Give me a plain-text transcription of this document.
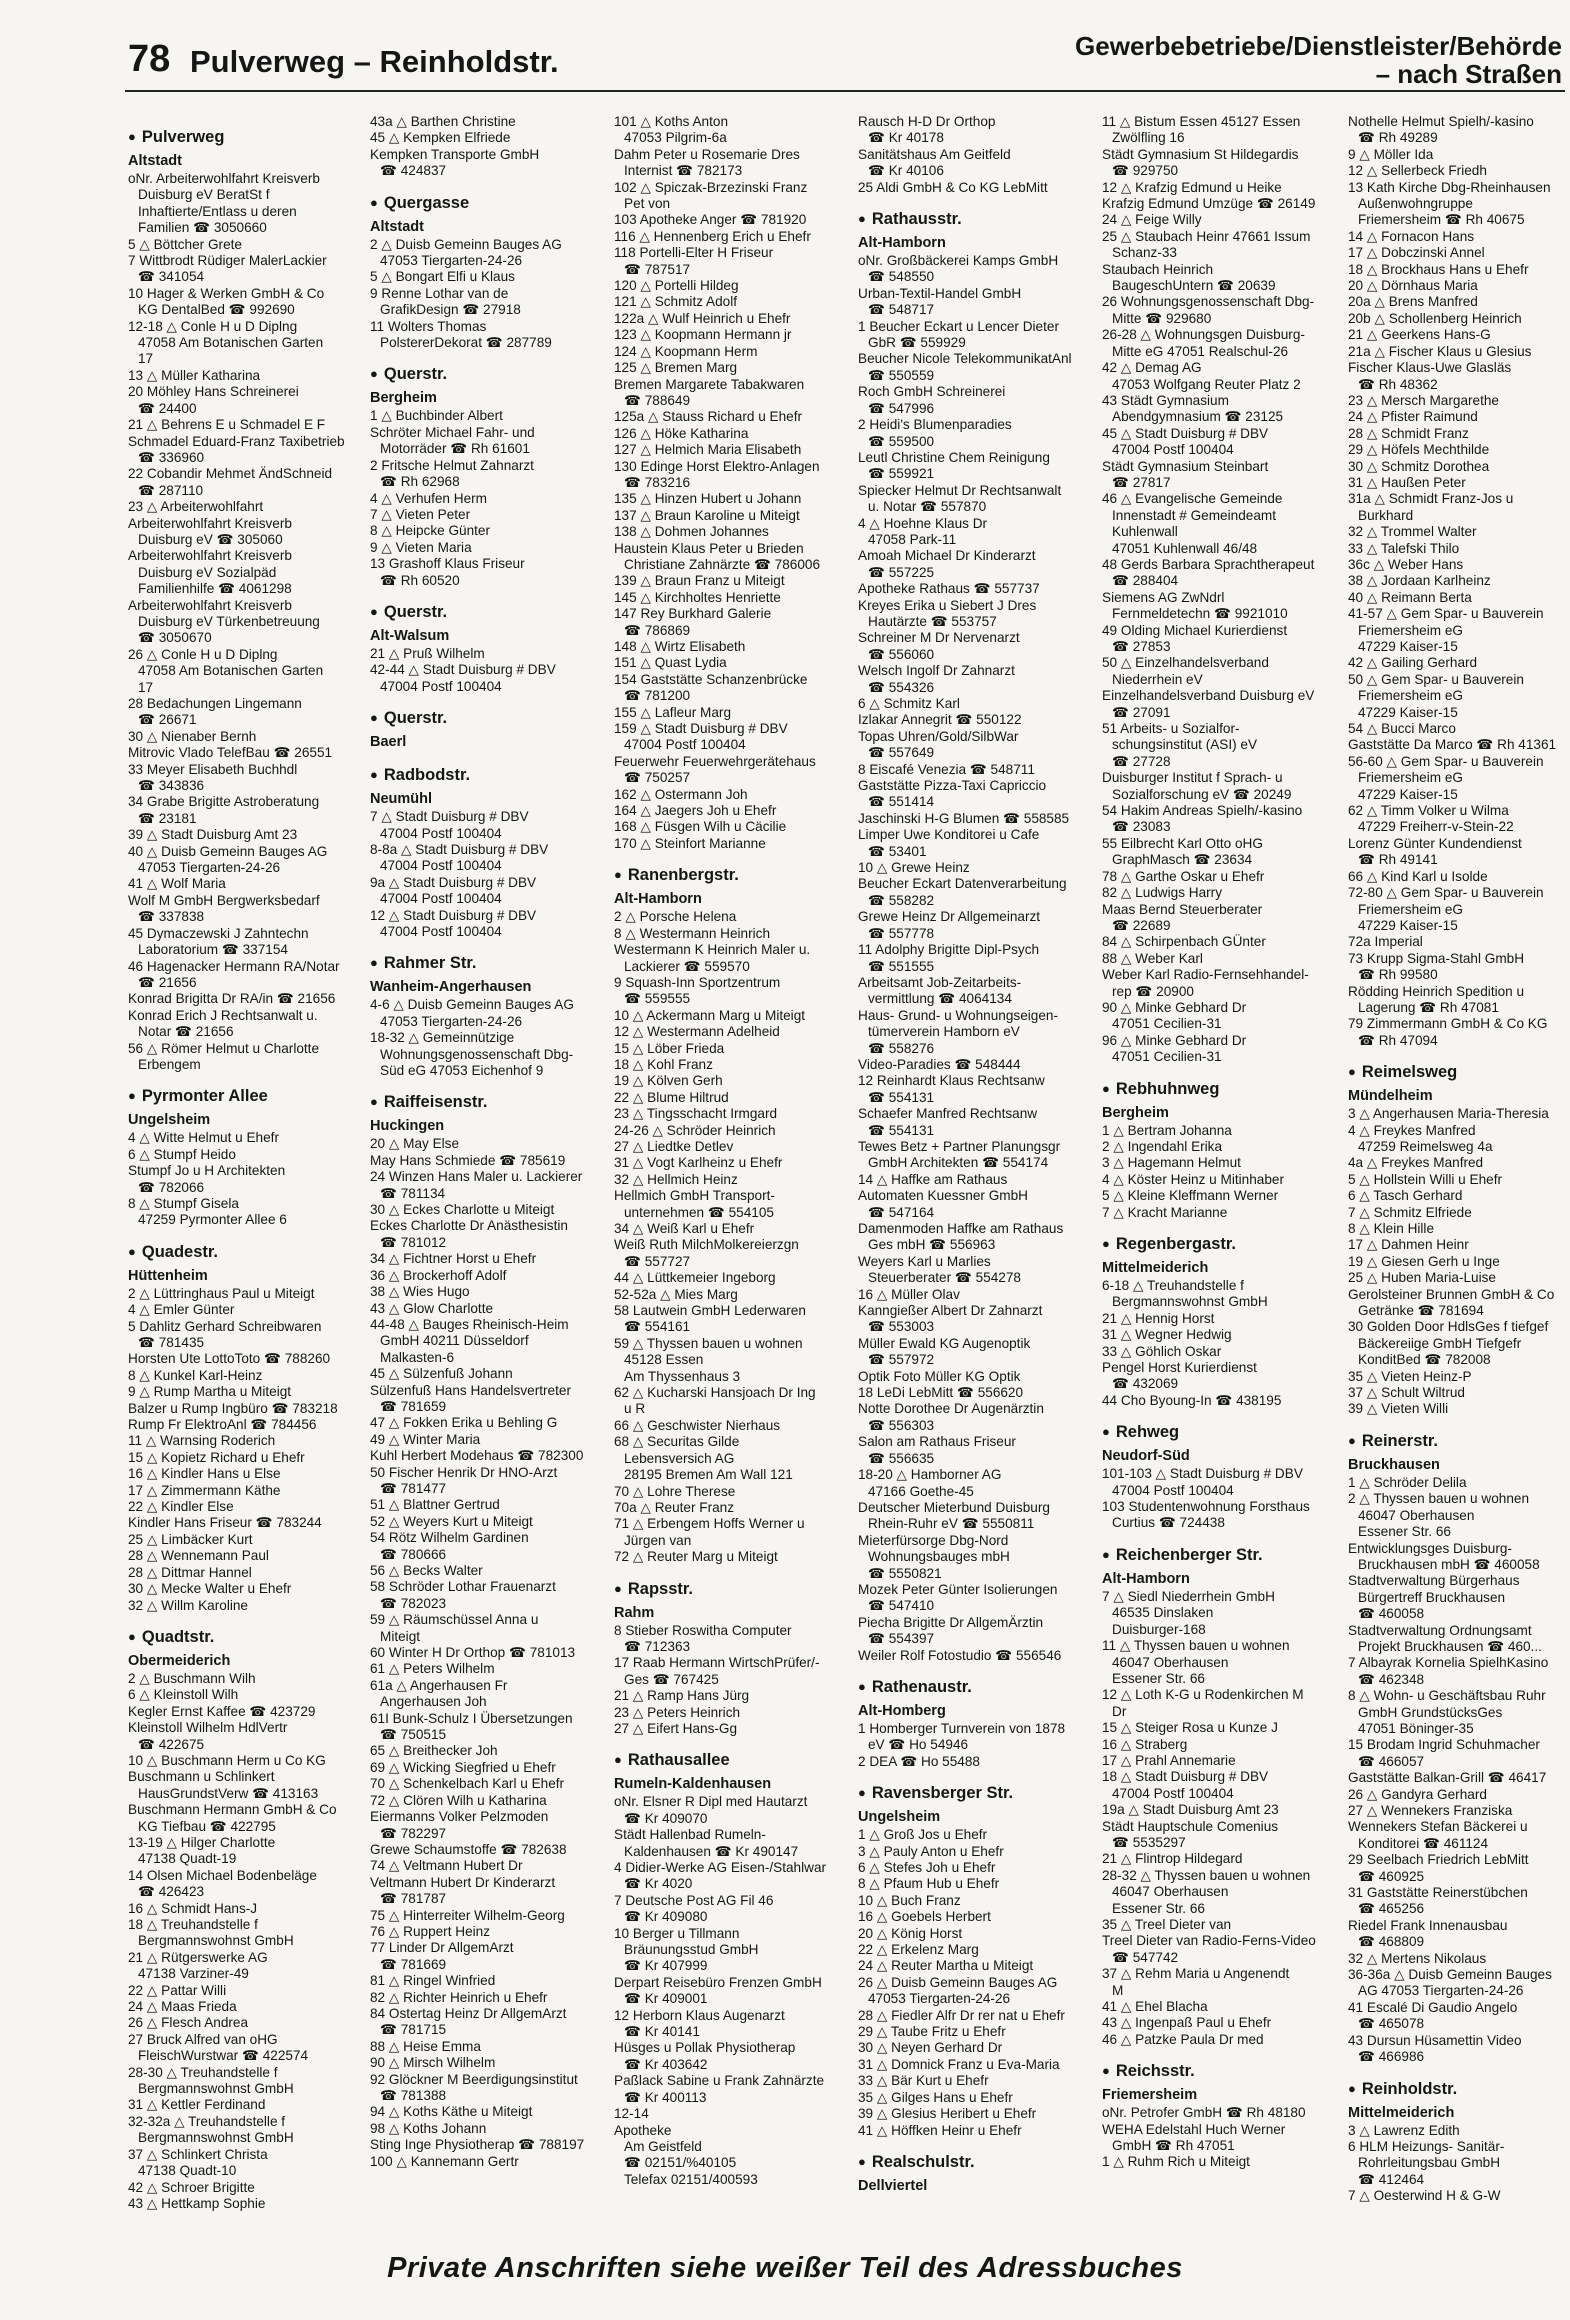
78 Pulverweg – Reinholdstr.	Gewerbebetriebe/Dienstleister/Behörde
– nach Straßen

● Pulverweg

Altstadt

oNr. Arbeiterwohlfahrt Kreisverb

Duisburg eV BeratSt f

Inhaftierte/Entlass u deren

Familien ☎ 3050660

5 △ Böttcher Grete

7 Wittbrodt Rüdiger MalerLackier

☎ 341054

10 Hager & Werken GmbH & Co

KG DentalBed ☎ 992690

12-18 △ Conle H u D Diplng

47058 Am Botanischen Garten

17

13 △ Müller Katharina

20 Möhley Hans Schreinerei

☎ 24400

21 △ Behrens E u Schmadel E F

Schmadel Eduard-Franz Taxibetrieb

☎ 336960

22 Cobandir Mehmet ÄndSchneid

☎ 287110

23 △ Arbeiterwohlfahrt

Arbeiterwohlfahrt Kreisverb

Duisburg eV ☎ 305060

Arbeiterwohlfahrt Kreisverb

Duisburg eV Sozialpäd

Familienhilfe ☎ 4061298

Arbeiterwohlfahrt Kreisverb

Duisburg eV Türkenbetreuung

☎ 3050670

26 △ Conle H u D Diplng

47058 Am Botanischen Garten

17

28 Bedachungen Lingemann

☎ 26671

30 △ Nienaber Bernh

Mitrovic Vlado TelefBau ☎ 26551

33 Meyer Elisabeth Buchhdl

☎ 343836

34 Grabe Brigitte Astroberatung

☎ 23181

39 △ Stadt Duisburg Amt 23

40 △ Duisb Gemeinn Bauges AG

47053 Tiergarten-24-26

41 △ Wolf Maria

Wolf M GmbH Bergwerksbedarf

☎ 337838

45 Dymaczewski J Zahntechn

Laboratorium ☎ 337154

46 Hagenacker Hermann RA/Notar

☎ 21656

Konrad Brigitta Dr RA/in ☎ 21656

Konrad Erich J Rechtsanwalt u.

Notar ☎ 21656

56 △ Römer Helmut u Charlotte

Erbengem

● Pyrmonter Allee

Ungelsheim

4 △ Witte Helmut u Ehefr

6 △ Stumpf Heido

Stumpf Jo u H Architekten

☎ 782066

8 △ Stumpf Gisela

47259 Pyrmonter Allee 6

● Quadestr.

Hüttenheim

2 △ Lüttringhaus Paul u Miteigt

4 △ Emler Günter

5 Dahlitz Gerhard Schreibwaren

☎ 781435

Horsten Ute LottoToto ☎ 788260

8 △ Kunkel Karl-Heinz

9 △ Rump Martha u Miteigt

Balzer u Rump Ingbüro ☎ 783218

Rump Fr ElektroAnl ☎ 784456

11 △ Warnsing Roderich

15 △ Kopietz Richard u Ehefr

16 △ Kindler Hans u Else

17 △ Zimmermann Käthe

22 △ Kindler Else

Kindler Hans Friseur ☎ 783244

25 △ Limbäcker Kurt

28 △ Wennemann Paul

28 △ Dittmar Hannel

30 △ Mecke Walter u Ehefr

32 △ Willm Karoline

● Quadtstr.

Obermeiderich

2 △ Buschmann Wilh

6 △ Kleinstoll Wilh

Kegler Ernst Kaffee ☎ 423729

Kleinstoll Wilhelm HdlVertr

☎ 422675

10 △ Buschmann Herm u Co KG

Buschmann u Schlinkert

HausGrundstVerw ☎ 413163

Buschmann Hermann GmbH & Co

KG Tiefbau ☎ 422795

13-19 △ Hilger Charlotte

47138 Quadt-19

14 Olsen Michael Bodenbeläge

☎ 426423

16 △ Schmidt Hans-J

18 △ Treuhandstelle f

Bergmannswohnst GmbH

21 △ Rütgerswerke AG

47138 Varziner-49

22 △ Pattar Willi

24 △ Maas Frieda

26 △ Flesch Andrea

27 Bruck Alfred van oHG

FleischWurstwar ☎ 422574

28-30 △ Treuhandstelle f

Bergmannswohnst GmbH

31 △ Kettler Ferdinand

32-32a △ Treuhandstelle f

Bergmannswohnst GmbH

37 △ Schlinkert Christa

47138 Quadt-10

42 △ Schroer Brigitte

43 △ Hettkamp Sophie

43a △ Barthen Christine

45 △ Kempken Elfriede

Kempken Transporte GmbH

☎ 424837

● Quergasse

Altstadt

2 △ Duisb Gemeinn Bauges AG

47053 Tiergarten-24-26

5 △ Bongart Elfi u Klaus

9 Renne Lothar van de

GrafikDesign ☎ 27918

11 Wolters Thomas

PolstererDekorat ☎ 287789

● Querstr.

Bergheim

1 △ Buchbinder Albert

Schröter Michael Fahr- und

Motorräder ☎ Rh 61601

2 Fritsche Helmut Zahnarzt

☎ Rh 62968

4 △ Verhufen Herm

7 △ Vieten Peter

8 △ Heipcke Günter

9 △ Vieten Maria

13 Grashoff Klaus Friseur

☎ Rh 60520

● Querstr.

Alt-Walsum

21 △ Pruß Wilhelm

42-44 △ Stadt Duisburg # DBV

47004 Postf 100404

● Querstr.

Baerl

● Radbodstr.

Neumühl

7 △ Stadt Duisburg # DBV

47004 Postf 100404

8-8a △ Stadt Duisburg # DBV

47004 Postf 100404

9a △ Stadt Duisburg # DBV

47004 Postf 100404

12 △ Stadt Duisburg # DBV

47004 Postf 100404

● Rahmer Str.

Wanheim-Angerhausen

4-6 △ Duisb Gemeinn Bauges AG

47053 Tiergarten-24-26

18-32 △ Gemeinnützige

Wohnungsgenossenschaft Dbg-

Süd eG 47053 Eichenhof 9

● Raiffeisenstr.

Huckingen

20 △ May Else

May Hans Schmiede ☎ 785619

24 Winzen Hans Maler u. Lackierer

☎ 781134

30 △ Eckes Charlotte u Miteigt

Eckes Charlotte Dr Anästhesistin

☎ 781012

34 △ Fichtner Horst u Ehefr

36 △ Brockerhoff Adolf

38 △ Wies Hugo

43 △ Glow Charlotte

44-48 △ Bauges Rheinisch-Heim

GmbH 40211 Düsseldorf

Malkasten-6

45 △ Sülzenfuß Johann

Sülzenfuß Hans Handelsvertreter

☎ 781659

47 △ Fokken Erika u Behling G

49 △ Winter Maria

Kuhl Herbert Modehaus ☎ 782300

50 Fischer Henrik Dr HNO-Arzt

☎ 781477

51 △ Blattner Gertrud

52 △ Weyers Kurt u Miteigt

54 Rötz Wilhelm Gardinen

☎ 780666

56 △ Becks Walter

58 Schröder Lothar Frauenarzt

☎ 782023

59 △ Räumschüssel Anna u

Miteigt

60 Winter H Dr Orthop ☎ 781013

61 △ Peters Wilhelm

61a △ Angerhausen Fr

Angerhausen Joh

61I Bunk-Schulz I Übersetzungen

☎ 750515

65 △ Breithecker Joh

69 △ Wicking Siegfried u Ehefr

70 △ Schenkelbach Karl u Ehefr

72 △ Clören Wilh u Katharina

Eiermanns Volker Pelzmoden

☎ 782297

Grewe Schaumstoffe ☎ 782638

74 △ Veltmann Hubert Dr

Veltmann Hubert Dr Kinderarzt

☎ 781787

75 △ Hinterreiter Wilhelm-Georg

76 △ Ruppert Heinz

77 Linder Dr AllgemArzt

☎ 781669

81 △ Ringel Winfried

82 △ Richter Heinrich u Ehefr

84 Ostertag Heinz Dr AllgemArzt

☎ 781715

88 △ Heise Emma

90 △ Mirsch Wilhelm

92 Glöckner M Beerdigungsinstitut

☎ 781388

94 △ Koths Käthe u Miteigt

98 △ Koths Johann

Sting Inge Physiotherap ☎ 788197

100 △ Kannemann Gertr

101 △ Koths Anton

47053 Pilgrim-6a

Dahm Peter u Rosemarie Dres

Internist ☎ 782173

102 △ Spiczak-Brzezinski Franz

Pet von

103 Apotheke Anger ☎ 781920

116 △ Hennenberg Erich u Ehefr

118 Portelli-Elter H Friseur

☎ 787517

120 △ Portelli Hildeg

121 △ Schmitz Adolf

122a △ Wulf Heinrich u Ehefr

123 △ Koopmann Hermann jr

124 △ Koopmann Herm

125 △ Bremen Marg

Bremen Margarete Tabakwaren

☎ 788649

125a △ Stauss Richard u Ehefr

126 △ Höke Katharina

127 △ Helmich Maria Elisabeth

130 Edinge Horst Elektro-Anlagen

☎ 783216

135 △ Hinzen Hubert u Johann

137 △ Braun Karoline u Miteigt

138 △ Dohmen Johannes

Haustein Klaus Peter u Brieden

Christiane Zahnärzte ☎ 786006

139 △ Braun Franz u Miteigt

145 △ Kirchholtes Henriette

147 Rey Burkhard Galerie

☎ 786869

148 △ Wirtz Elisabeth

151 △ Quast Lydia

154 Gaststätte Schanzenbrücke

☎ 781200

155 △ Lafleur Marg

159 △ Stadt Duisburg # DBV

47004 Postf 100404

Feuerwehr Feuerwehrgerätehaus

☎ 750257

162 △ Ostermann Joh

164 △ Jaegers Joh u Ehefr

168 △ Füsgen Wilh u Cäcilie

170 △ Steinfort Marianne

● Ranenbergstr.

Alt-Hamborn

2 △ Porsche Helena

8 △ Westermann Heinrich

Westermann K Heinrich Maler u.

Lackierer ☎ 559570

9 Squash-Inn Sportzentrum

☎ 559555

10 △ Ackermann Marg u Miteigt

12 △ Westermann Adelheid

15 △ Löber Frieda

18 △ Kohl Franz

19 △ Kölven Gerh

22 △ Blume Hiltrud

23 △ Tingsschacht Irmgard

24-26 △ Schröder Heinrich

27 △ Liedtke Detlev

31 △ Vogt Karlheinz u Ehefr

32 △ Hellmich Heinz

Hellmich GmbH Transport-

unternehmen ☎ 554105

34 △ Weiß Karl u Ehefr

Weiß Ruth MilchMolkereierzgn

☎ 557727

44 △ Lüttkemeier Ingeborg

52-52a △ Mies Marg

58 Lautwein GmbH Lederwaren

☎ 554161

59 △ Thyssen bauen u wohnen

45128 Essen

Am Thyssenhaus 3

62 △ Kucharski Hansjoach Dr Ing

u R

66 △ Geschwister Nierhaus

68 △ Securitas Gilde

Lebensversich AG

28195 Bremen Am Wall 121

70 △ Lohre Therese

70a △ Reuter Franz

71 △ Erbengem Hoffs Werner u

Jürgen van

72 △ Reuter Marg u Miteigt

● Rapsstr.

Rahm

8 Stieber Roswitha Computer

☎ 712363

17 Raab Hermann WirtschPrüfer/-

Ges ☎ 767425

21 △ Ramp Hans Jürg

23 △ Peters Heinrich

27 △ Eifert Hans-Gg

● Rathausallee

Rumeln-Kaldenhausen

oNr. Elsner R Dipl med Hautarzt

☎ Kr 409070

Städt Hallenbad Rumeln-

Kaldenhausen ☎ Kr 490147

4 Didier-Werke AG Eisen-/Stahlwar

☎ Kr 4020

7 Deutsche Post AG Fil 46

☎ Kr 409080

10 Berger u Tillmann

Bräunungsstud GmbH

☎ Kr 407999

Derpart Reisebüro Frenzen GmbH

☎ Kr 409001

12 Herborn Klaus Augenarzt

☎ Kr 40141

Hüsges u Pollak Physiotherap

☎ Kr 403642

Paßlack Sabine u Frank Zahnärzte

☎ Kr 400113

12-14

Apotheke

Am Geistfeld

☎ 02151/%40105

Telefax 02151/400593

Rausch H-D Dr Orthop

☎ Kr 40178

Sanitätshaus Am Geitfeld

☎ Kr 40106

25 Aldi GmbH & Co KG LebMitt

● Rathausstr.

Alt-Hamborn

oNr. Großbäckerei Kamps GmbH

☎ 548550

Urban-Textil-Handel GmbH

☎ 548717

1 Beucher Eckart u Lencer Dieter

GbR ☎ 559929

Beucher Nicole TelekommunikatAnl

☎ 550559

Roch GmbH Schreinerei

☎ 547996

2 Heidi's Blumenparadies

☎ 559500

Leutl Christine Chem Reinigung

☎ 559921

Spiecker Helmut Dr Rechtsanwalt

u. Notar ☎ 557870

4 △ Hoehne Klaus Dr

47058 Park-11

Amoah Michael Dr Kinderarzt

☎ 557225

Apotheke Rathaus ☎ 557737

Kreyes Erika u Siebert J Dres

Hautärzte ☎ 553757

Schreiner M Dr Nervenarzt

☎ 556060

Welsch Ingolf Dr Zahnarzt

☎ 554326

6 △ Schmitz Karl

Izlakar Annegrit ☎ 550122

Topas Uhren/Gold/SilbWar

☎ 557649

8 Eiscafé Venezia ☎ 548711

Gaststätte Pizza-Taxi Capriccio

☎ 551414

Jaschinski H-G Blumen ☎ 558585

Limper Uwe Konditorei u Cafe

☎ 53401

10 △ Grewe Heinz

Beucher Eckart Datenverarbeitung

☎ 558282

Grewe Heinz Dr Allgemeinarzt

☎ 557778

11 Adolphy Brigitte Dipl-Psych

☎ 551555

Arbeitsamt Job-Zeitarbeits-

vermittlung ☎ 4064134

Haus- Grund- u Wohnungseigen-

tümerverein Hamborn eV

☎ 558276

Video-Paradies ☎ 548444

12 Reinhardt Klaus Rechtsanw

☎ 554131

Schaefer Manfred Rechtsanw

☎ 554131

Tewes Betz + Partner Planungsgr

GmbH Architekten ☎ 554174

14 △ Haffke am Rathaus

Automaten Kuessner GmbH

☎ 547164

Damenmoden Haffke am Rathaus

Ges mbH ☎ 556963

Weyers Karl u Marlies

Steuerberater ☎ 554278

16 △ Müller Olav

Kanngießer Albert Dr Zahnarzt

☎ 553003

Müller Ewald KG Augenoptik

☎ 557972

Optik Foto Müller KG Optik

18 LeDi LebMitt ☎ 556620

Notte Dorothee Dr Augenärztin

☎ 556303

Salon am Rathaus Friseur

☎ 556635

18-20 △ Hamborner AG

47166 Goethe-45

Deutscher Mieterbund Duisburg

Rhein-Ruhr eV ☎ 5550811

Mieterfürsorge Dbg-Nord

Wohnungsbauges mbH

☎ 5550821

Mozek Peter Günter Isolierungen

☎ 547410

Piecha Brigitte Dr AllgemÄrztin

☎ 554397

Weiler Rolf Fotostudio ☎ 556546

● Rathenaustr.

Alt-Homberg

1 Homberger Turnverein von 1878

eV ☎ Ho 54946

2 DEA ☎ Ho 55488

● Ravensberger Str.

Ungelsheim

1 △ Groß Jos u Ehefr

3 △ Pauly Anton u Ehefr

6 △ Stefes Joh u Ehefr

8 △ Pfaum Hub u Ehefr

10 △ Buch Franz

16 △ Goebels Herbert

20 △ König Horst

22 △ Erkelenz Marg

24 △ Reuter Martha u Miteigt

26 △ Duisb Gemeinn Bauges AG

47053 Tiergarten-24-26

28 △ Fiedler Alfr Dr rer nat u Ehefr

29 △ Taube Fritz u Ehefr

30 △ Neyen Gerhard Dr

31 △ Domnick Franz u Eva-Maria

33 △ Bär Kurt u Ehefr

35 △ Gilges Hans u Ehefr

39 △ Glesius Heribert u Ehefr

41 △ Höffken Heinr u Ehefr

● Realschulstr.

Dellviertel

11 △ Bistum Essen 45127 Essen

Zwölfling 16

Städt Gymnasium St Hildegardis

☎ 929750

12 △ Krafzig Edmund u Heike

Krafzig Edmund Umzüge ☎ 26149

24 △ Feige Willy

25 △ Staubach Heinr 47661 Issum

Schanz-33

Staubach Heinrich

BaugeschUntern ☎ 20639

26 Wohnungsgenossenschaft Dbg-

Mitte ☎ 929680

26-28 △ Wohnungsgen Duisburg-

Mitte eG 47051 Realschul-26

42 △ Demag AG

47053 Wolfgang Reuter Platz 2

43 Städt Gymnasium

Abendgymnasium ☎ 23125

45 △ Stadt Duisburg # DBV

47004 Postf 100404

Städt Gymnasium Steinbart

☎ 27817

46 △ Evangelische Gemeinde

Innenstadt # Gemeindeamt

Kuhlenwall

47051 Kuhlenwall 46/48

48 Gerds Barbara Sprachtherapeut

☎ 288404

Siemens AG ZwNdrl

Fernmeldetechn ☎ 9921010

49 Olding Michael Kurierdienst

☎ 27853

50 △ Einzelhandelsverband

Niederrhein eV

Einzelhandelsverband Duisburg eV

☎ 27091

51 Arbeits- u Sozialfor-

schungsinstitut (ASI) eV

☎ 27728

Duisburger Institut f Sprach- u

Sozialforschung eV ☎ 20249

54 Hakim Andreas Spielh/-kasino

☎ 23083

55 Eilbrecht Karl Otto oHG

GraphMasch ☎ 23634

78 △ Garthe Oskar u Ehefr

82 △ Ludwigs Harry

Maas Bernd Steuerberater

☎ 22689

84 △ Schirpenbach GÜnter

88 △ Weber Karl

Weber Karl Radio-Fernsehhandel-

rep ☎ 20900

90 △ Minke Gebhard Dr

47051 Cecilien-31

96 △ Minke Gebhard Dr

47051 Cecilien-31

● Rebhuhnweg

Bergheim

1 △ Bertram Johanna

2 △ Ingendahl Erika

3 △ Hagemann Helmut

4 △ Köster Heinz u Mitinhaber

5 △ Kleine Kleffmann Werner

7 △ Kracht Marianne

● Regenbergastr.

Mittelmeiderich

6-18 △ Treuhandstelle f

Bergmannswohnst GmbH

21 △ Hennig Horst

31 △ Wegner Hedwig

33 △ Göhlich Oskar

Pengel Horst Kurierdienst

☎ 432069

44 Cho Byoung-In ☎ 438195

● Rehweg

Neudorf-Süd

101-103 △ Stadt Duisburg # DBV

47004 Postf 100404

103 Studentenwohnung Forsthaus

Curtius ☎ 724438

● Reichenberger Str.

Alt-Hamborn

7 △ Siedl Niederrhein GmbH

46535 Dinslaken

Duisburger-168

11 △ Thyssen bauen u wohnen

46047 Oberhausen

Essener Str. 66

12 △ Loth K-G u Rodenkirchen M

Dr

15 △ Steiger Rosa u Kunze J

16 △ Straberg

17 △ Prahl Annemarie

18 △ Stadt Duisburg # DBV

47004 Postf 100404

19a △ Stadt Duisburg Amt 23

Städt Hauptschule Comenius

☎ 5535297

21 △ Flintrop Hildegard

28-32 △ Thyssen bauen u wohnen

46047 Oberhausen

Essener Str. 66

35 △ Treel Dieter van

Treel Dieter van Radio-Ferns-Video

☎ 547742

37 △ Rehm Maria u Angenendt

M

41 △ Ehel Blacha

43 △ Ingenpaß Paul u Ehefr

46 △ Patzke Paula Dr med

● Reichsstr.

Friemersheim

oNr. Petrofer GmbH ☎ Rh 48180

WEHA Edelstahl Huch Werner

GmbH ☎ Rh 47051

1 △ Ruhm Rich u Miteigt

Nothelle Helmut Spielh/-kasino

☎ Rh 49289

9 △ Möller Ida

12 △ Sellerbeck Friedh

13 Kath Kirche Dbg-Rheinhausen

Außenwohngruppe

Friemersheim ☎ Rh 40675

14 △ Fornacon Hans

17 △ Dobczinski Annel

18 △ Brockhaus Hans u Ehefr

20 △ Dörnhaus Maria

20a △ Brens Manfred

20b △ Schollenberg Heinrich

21 △ Geerkens Hans-G

21a △ Fischer Klaus u Glesius

Fischer Klaus-Uwe Glasläs

☎ Rh 48362

23 △ Mersch Margarethe

24 △ Pfister Raimund

28 △ Schmidt Franz

29 △ Höfels Mechthilde

30 △ Schmitz Dorothea

31 △ Haußen Peter

31a △ Schmidt Franz-Jos u

Burkhard

32 △ Trommel Walter

33 △ Talefski Thilo

36c △ Weber Hans

38 △ Jordaan Karlheinz

40 △ Reimann Berta

41-57 △ Gem Spar- u Bauverein

Friemersheim eG

47229 Kaiser-15

42 △ Gailing Gerhard

50 △ Gem Spar- u Bauverein

Friemersheim eG

47229 Kaiser-15

54 △ Bucci Marco

Gaststätte Da Marco ☎ Rh 41361

56-60 △ Gem Spar- u Bauverein

Friemersheim eG

47229 Kaiser-15

62 △ Timm Volker u Wilma

47229 Freiherr-v-Stein-22

Lorenz Günter Kundendienst

☎ Rh 49141

66 △ Kind Karl u Isolde

72-80 △ Gem Spar- u Bauverein

Friemersheim eG

47229 Kaiser-15

72a Imperial

73 Krupp Sigma-Stahl GmbH

☎ Rh 99580

Rödding Heinrich Spedition u

Lagerung ☎ Rh 47081

79 Zimmermann GmbH & Co KG

☎ Rh 47094

● Reimelsweg

Mündelheim

3 △ Angerhausen Maria-Theresia

4 △ Freykes Manfred

47259 Reimelsweg 4a

4a △ Freykes Manfred

5 △ Hollstein Willi u Ehefr

6 △ Tasch Gerhard

7 △ Schmitz Elfriede

8 △ Klein Hille

17 △ Dahmen Heinr

19 △ Giesen Gerh u Inge

25 △ Huben Maria-Luise

Gerolsteiner Brunnen GmbH & Co

Getränke ☎ 781694

30 Golden Door HdlsGes f tiefgef

Bäckereiige GmbH Tiefgefr

KonditBed ☎ 782008

35 △ Vieten Heinz-P

37 △ Schult Wiltrud

39 △ Vieten Willi

● Reinerstr.

Bruckhausen

1 △ Schröder Delila

2 △ Thyssen bauen u wohnen

46047 Oberhausen

Essener Str. 66

Entwicklungsges Duisburg-

Bruckhausen mbH ☎ 460058

Stadtverwaltung Bürgerhaus

Bürgertreff Bruckhausen

☎ 460058

Stadtverwaltung Ordnungsamt

Projekt Bruckhausen ☎ 460...

7 Albayrak Kornelia SpielhKasino

☎ 462348

8 △ Wohn- u Geschäftsbau Ruhr

GmbH GrundstücksGes

47051 Böninger-35

15 Brodam Ingrid Schuhmacher

☎ 466057

Gaststätte Balkan-Grill ☎ 46417

26 △ Gandyra Gerhard

27 △ Wennekers Franziska

Wennekers Stefan Bäckerei u

Konditorei ☎ 461124

29 Seelbach Friedrich LebMitt

☎ 460925

31 Gaststätte Reinerstübchen

☎ 465256

Riedel Frank Innenausbau

☎ 468809

32 △ Mertens Nikolaus

36-36a △ Duisb Gemeinn Bauges

AG 47053 Tiergarten-24-26

41 Escalé Di Gaudio Angelo

☎ 465078

43 Dursun Hüsamettin Video

☎ 466986

● Reinholdstr.

Mittelmeiderich

3 △ Lawrenz Edith

6 HLM Heizungs- Sanitär-

Rohrleitungsbau GmbH

☎ 412464

7 △ Oesterwind H & G-W

Private Anschriften siehe weißer Teil des Adressbuches
